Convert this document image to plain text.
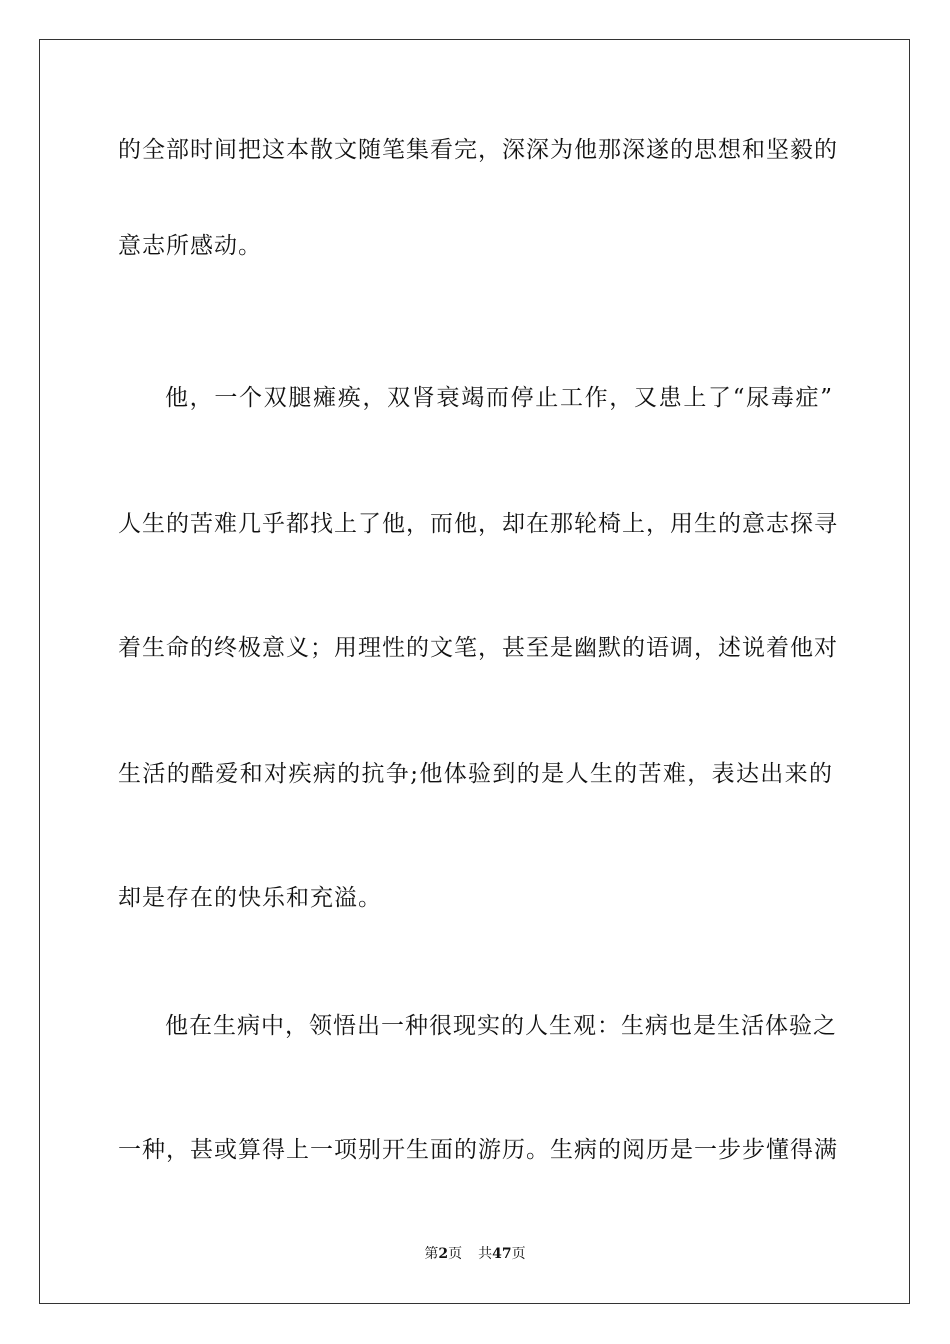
的全部时间把这本散文随笔集看完，深深为他那深遂的思想和坚毅的
意志所感动。
他，一个双腿瘫痪，双肾衰竭而停止工作，又患上了“尿毒症”
人生的苦难几乎都找上了他，而他，却在那轮椅上，用生的意志探寻
着生命的终极意义；用理性的文笔，甚至是幽默的语调，述说着他对
生活的酷爱和对疾病的抗争;他体验到的是人生的苦难，表达出来的
却是存在的快乐和充溢。
他在生病中，领悟出一种很现实的人生观：生病也是生活体验之
一种，甚或算得上一项别开生面的游历。生病的阅历是一步步懂得满
第2页 共47页
